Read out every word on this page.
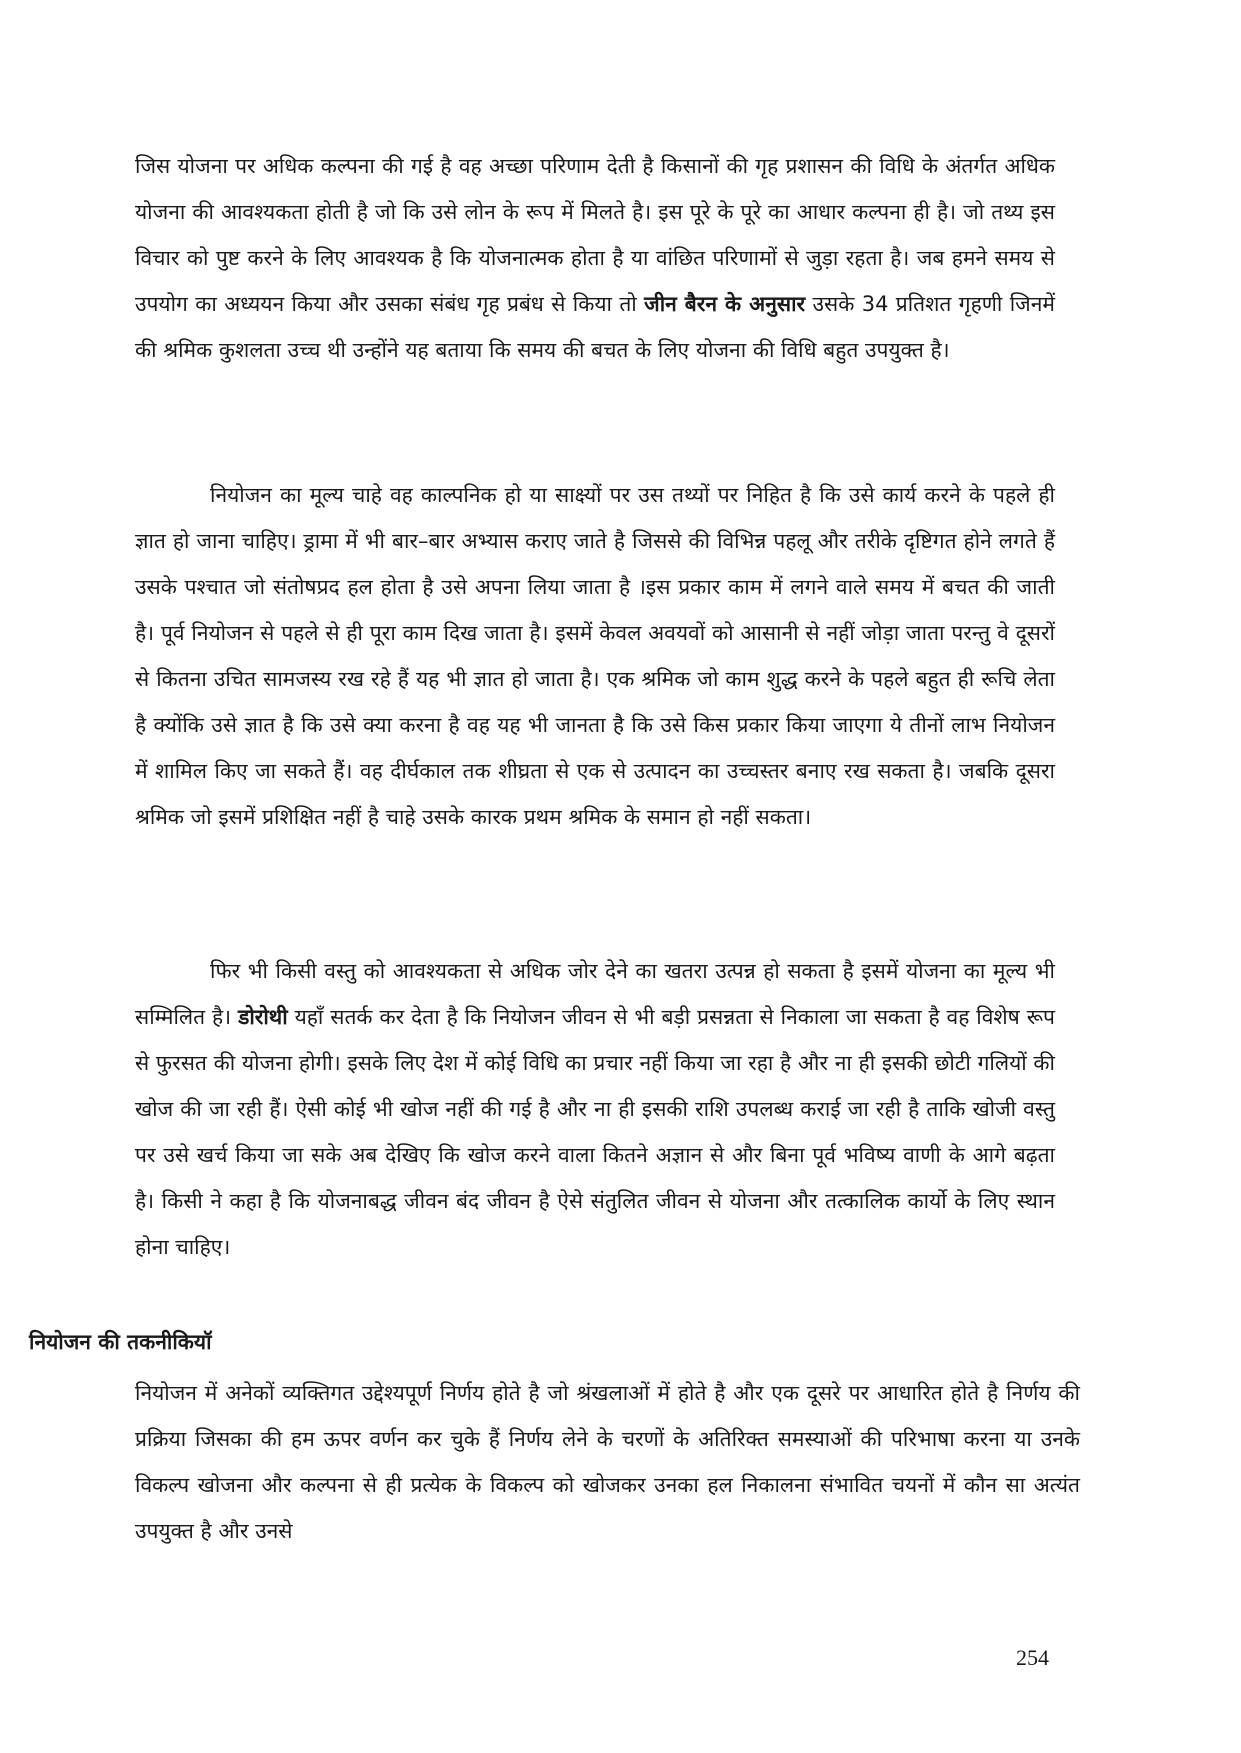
जिस योजना पर अधिक कल्पना की गई है वह अच्छा परिणाम देती है किसानों की गृह प्रशासन की विधि के अंतर्गत अधिक योजना की आवश्यकता होती है जो कि उसे लोन के रूप में मिलते है। इस पूरे के पूरे का आधार कल्पना ही है। जो तथ्य इस विचार को पुष्ट करने के लिए आवश्यक है कि योजनात्मक होता है या वांछित परिणामों से जुड़ा रहता है। जब हमने समय से उपयोग का अध्ययन किया और उसका संबंध गृह प्रबंध से किया तो जीन बैरन के अनुसार उसके 34 प्रतिशत गृहणी जिनमें की श्रमिक कुशलता उच्च थी उन्होंने यह बताया कि समय की बचत के लिए योजना की विधि बहुत उपयुक्त है।

नियोजन का मूल्य चाहे वह काल्पनिक हो या साक्ष्यों पर उस तथ्यों पर निहित है कि उसे कार्य करने के पहले ही ज्ञात हो जाना चाहिए। ड्रामा में भी बार–बार अभ्यास कराए जाते है जिससे की विभिन्न पहलू और तरीके दृष्टिगत होने लगते हैं उसके पश्चात जो संतोषप्रद हल होता है उसे अपना लिया जाता है ।इस प्रकार काम में लगने वाले समय में बचत की जाती है। पूर्व नियोजन से पहले से ही पूरा काम दिख जाता है। इसमें केवल अवयवों को आसानी से नहीं जोड़ा जाता परन्तु वे दूसरों से कितना उचित सामजस्य रख रहे हैं यह भी ज्ञात हो जाता है। एक श्रमिक जो काम शुद्ध करने के पहले बहुत ही रूचि लेता है क्योंकि उसे ज्ञात है कि उसे क्या करना है वह यह भी जानता है कि उसे किस प्रकार किया जाएगा ये तीनों लाभ नियोजन में शामिल किए जा सकते हैं। वह दीर्घकाल तक शीघ्रता से एक से उत्पादन का उच्चस्तर बनाए रख सकता है। जबकि दूसरा श्रमिक जो इसमें प्रशिक्षित नहीं है चाहे उसके कारक प्रथम श्रमिक के समान हो नहीं सकता।

फिर भी किसी वस्तु को आवश्यकता से अधिक जोर देने का खतरा उत्पन्न हो सकता है इसमें योजना का मूल्य भी सम्मिलित है। डोरोथी यहाँ सतर्क कर देता है कि नियोजन जीवन से भी बड़ी प्रसन्नता से निकाला जा सकता है वह विशेष रूप से फुरसत की योजना होगी। इसके लिए देश में कोई विधि का प्रचार नहीं किया जा रहा है और ना ही इसकी छोटी गलियों की खोज की जा रही हैं। ऐसी कोई भी खोज नहीं की गई है और ना ही इसकी राशि उपलब्ध कराई जा रही है ताकि खोजी वस्तु पर उसे खर्च किया जा सके अब देखिए कि खोज करने वाला कितने अज्ञान से और बिना पूर्व भविष्य वाणी के आगे बढ़ता है। किसी ने कहा है कि योजनाबद्ध जीवन बंद जीवन है ऐसे संतुलित जीवन से योजना और तत्कालिक कार्यो के लिए स्थान होना चाहिए।

नियोजन की तकनीकियॉ

नियोजन में अनेकों व्यक्तिगत उद्देश्यपूर्ण निर्णय होते है जो श्रंखलाओं में होते है और एक दूसरे पर आधारित होते है निर्णय की प्रक्रिया जिसका की हम ऊपर वर्णन कर चुके हैं निर्णय लेने के चरणों के अतिरिक्त समस्याओं की परिभाषा करना या उनके विकल्प खोजना और कल्पना से ही प्रत्येक के विकल्प को खोजकर उनका हल निकालना संभावित चयनों में कौन सा अत्यंत उपयुक्त है और उनसे

254
